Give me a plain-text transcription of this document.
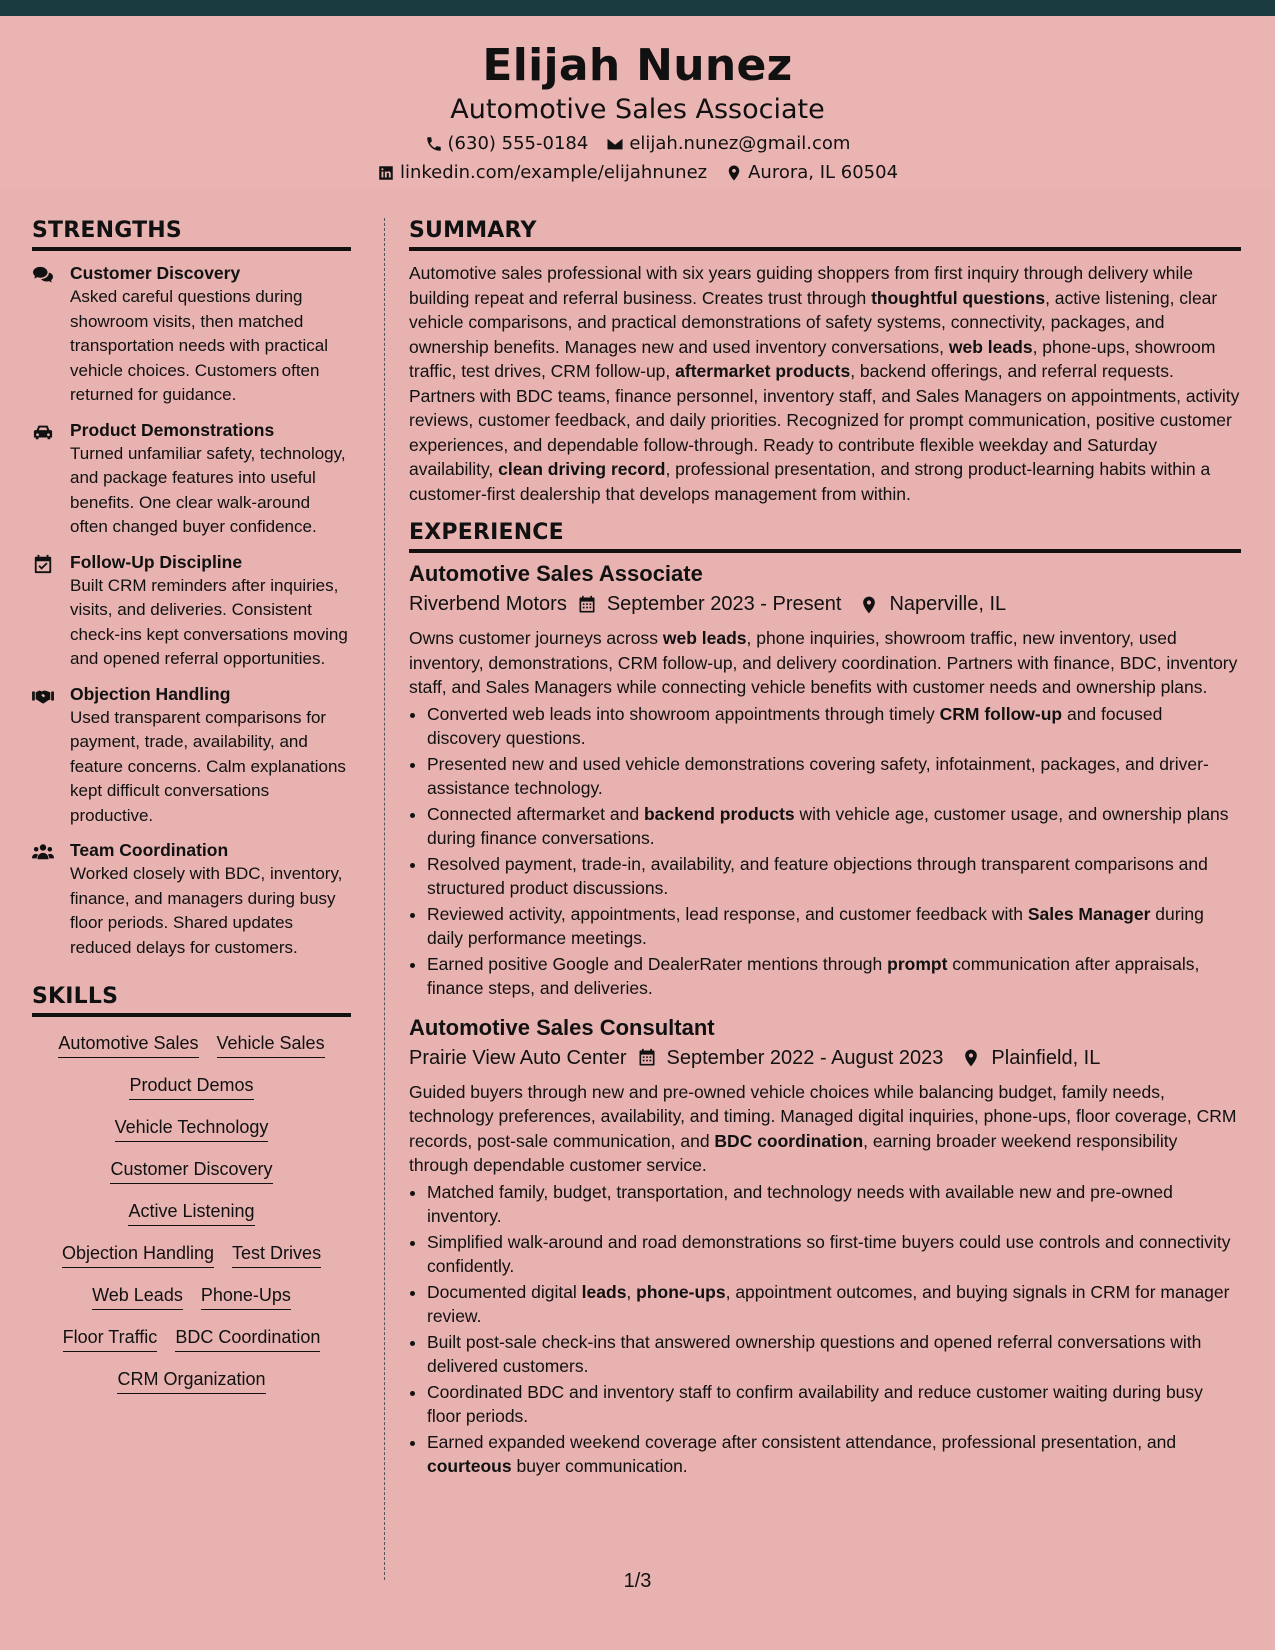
Elijah Nunez
Automotive Sales Associate
(630) 555-0184 elijah.nunez@gmail.com
linkedin.com/example/elijahnunez Aurora, IL 60504
STRENGTHS
Customer Discovery
Asked careful questions during showroom visits, then matched transportation needs with practical vehicle choices. Customers often returned for guidance.
Product Demonstrations
Turned unfamiliar safety, technology, and package features into useful benefits. One clear walk-around often changed buyer confidence.
Follow-Up Discipline
Built CRM reminders after inquiries, visits, and deliveries. Consistent check-ins kept conversations moving and opened referral opportunities.
Objection Handling
Used transparent comparisons for payment, trade, availability, and feature concerns. Calm explanations kept difficult conversations productive.
Team Coordination
Worked closely with BDC, inventory, finance, and managers during busy floor periods. Shared updates reduced delays for customers.
SKILLS
Automotive Sales Vehicle Sales
Product Demos
Vehicle Technology
Customer Discovery
Active Listening
Objection Handling Test Drives
Web Leads Phone-Ups
Floor Traffic BDC Coordination
CRM Organization
SUMMARY
Automotive sales professional with six years guiding shoppers from first inquiry through delivery while building repeat and referral business. Creates trust through thoughtful questions, active listening, clear vehicle comparisons, and practical demonstrations of safety systems, connectivity, packages, and ownership benefits. Manages new and used inventory conversations, web leads, phone-ups, showroom traffic, test drives, CRM follow-up, aftermarket products, backend offerings, and referral requests. Partners with BDC teams, finance personnel, inventory staff, and Sales Managers on appointments, activity reviews, customer feedback, and daily priorities. Recognized for prompt communication, positive customer experiences, and dependable follow-through. Ready to contribute flexible weekday and Saturday availability, clean driving record, professional presentation, and strong product-learning habits within a customer-first dealership that develops management from within.
EXPERIENCE
Automotive Sales Associate
Riverbend Motors September 2023 - Present Naperville, IL
Owns customer journeys across web leads, phone inquiries, showroom traffic, new inventory, used inventory, demonstrations, CRM follow-up, and delivery coordination. Partners with finance, BDC, inventory staff, and Sales Managers while connecting vehicle benefits with customer needs and ownership plans.
• Converted web leads into showroom appointments through timely CRM follow-up and focused discovery questions.
• Presented new and used vehicle demonstrations covering safety, infotainment, packages, and driver-assistance technology.
• Connected aftermarket and backend products with vehicle age, customer usage, and ownership plans during finance conversations.
• Resolved payment, trade-in, availability, and feature objections through transparent comparisons and structured product discussions.
• Reviewed activity, appointments, lead response, and customer feedback with Sales Manager during daily performance meetings.
• Earned positive Google and DealerRater mentions through prompt communication after appraisals, finance steps, and deliveries.
Automotive Sales Consultant
Prairie View Auto Center September 2022 - August 2023 Plainfield, IL
Guided buyers through new and pre-owned vehicle choices while balancing budget, family needs, technology preferences, availability, and timing. Managed digital inquiries, phone-ups, floor coverage, CRM records, post-sale communication, and BDC coordination, earning broader weekend responsibility through dependable customer service.
• Matched family, budget, transportation, and technology needs with available new and pre-owned inventory.
• Simplified walk-around and road demonstrations so first-time buyers could use controls and connectivity confidently.
• Documented digital leads, phone-ups, appointment outcomes, and buying signals in CRM for manager review.
• Built post-sale check-ins that answered ownership questions and opened referral conversations with delivered customers.
• Coordinated BDC and inventory staff to confirm availability and reduce customer waiting during busy floor periods.
• Earned expanded weekend coverage after consistent attendance, professional presentation, and courteous buyer communication.
1/3
